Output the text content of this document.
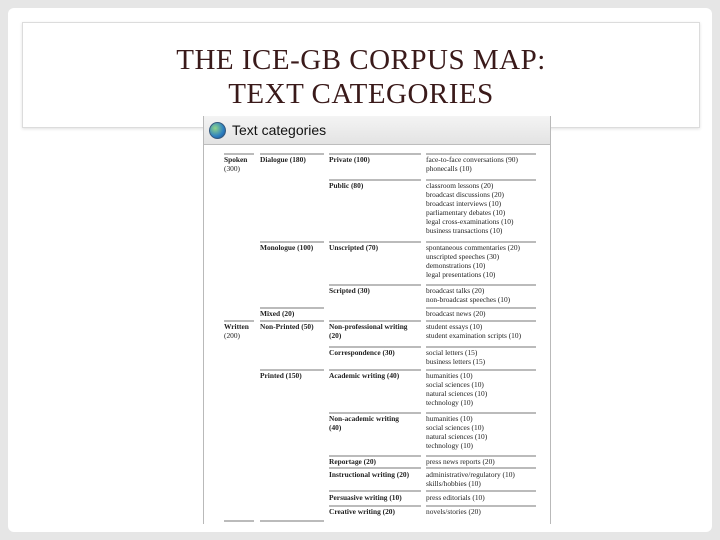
THE ICE-GB CORPUS MAP:
TEXT CATEGORIES
Text categories
Spoken
(300)
Written
(200)
Dialogue (180)
Monologue (100)
Mixed (20)
Non-Printed (50)
Printed (150)
Private (100)
Public (80)
Unscripted (70)
Scripted (30)
Non-professional writing
(20)
Correspondence (30)
Academic writing (40)
Non-academic writing
(40)
Reportage (20)
Instructional writing (20)
Persuasive writing (10)
Creative writing (20)
face-to-face conversations (90)
phonecalls (10)
classroom lessons (20)
broadcast discussions (20)
broadcast interviews (10)
parliamentary debates (10)
legal cross-examinations (10)
business transactions (10)
spontaneous commentaries (20)
unscripted speeches (30)
demonstrations (10)
legal presentations (10)
broadcast talks (20)
non-broadcast speeches (10)
broadcast news (20)
student essays (10)
student examination scripts (10)
social letters (15)
business letters (15)
humanities (10)
social sciences (10)
natural sciences (10)
technology (10)
humanities (10)
social sciences (10)
natural sciences (10)
technology (10)
press news reports (20)
administrative/regulatory (10)
skills/hobbies (10)
press editorials (10)
novels/stories (20)
